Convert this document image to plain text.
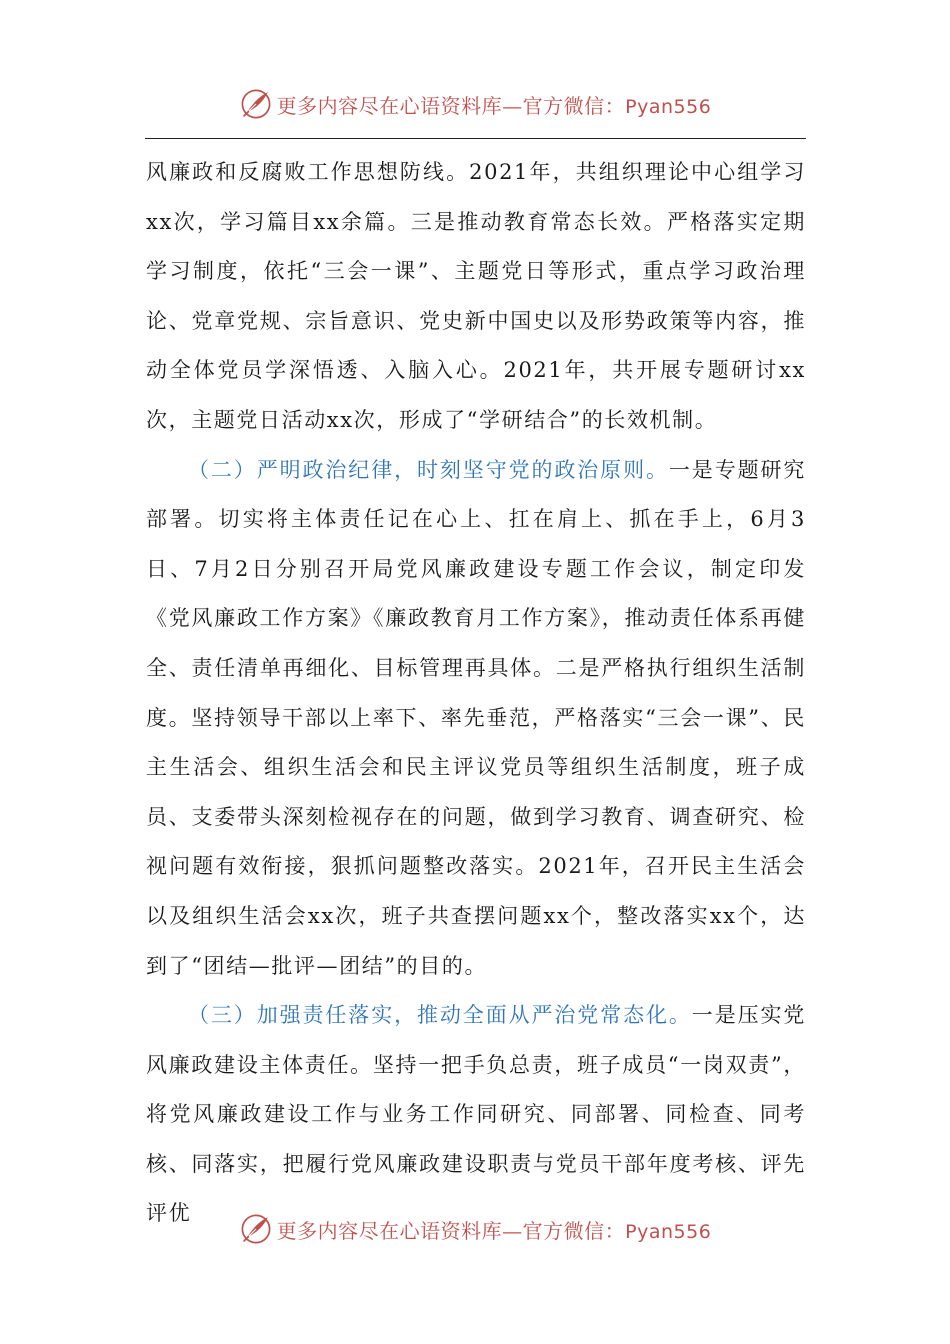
更多内容尽在心语资料库—官方微信：Pyan556

风廉政和反腐败工作思想防线。2021年，共组织理论中心组学习xx次，学习篇目xx余篇。三是推动教育常态长效。严格落实定期学习制度，依托“三会一课”、主题党日等形式，重点学习政治理论、党章党规、宗旨意识、党史新中国史以及形势政策等内容，推动全体党员学深悟透、入脑入心。2021年，共开展专题研讨xx次，主题党日活动xx次，形成了“学研结合”的长效机制。

（二）严明政治纪律，时刻坚守党的政治原则。一是专题研究部署。切实将主体责任记在心上、扛在肩上、抓在手上，6月3日、7月2日分别召开局党风廉政建设专题工作会议，制定印发《党风廉政工作方案》《廉政教育月工作方案》，推动责任体系再健全、责任清单再细化、目标管理再具体。二是严格执行组织生活制度。坚持领导干部以上率下、率先垂范，严格落实“三会一课”、民主生活会、组织生活会和民主评议党员等组织生活制度，班子成员、支委带头深刻检视存在的问题，做到学习教育、调查研究、检视问题有效衔接，狠抓问题整改落实。2021年，召开民主生活会以及组织生活会xx次，班子共查摆问题xx个，整改落实xx个，达到了“团结—批评—团结”的目的。

（三）加强责任落实，推动全面从严治党常态化。一是压实党风廉政建设主体责任。坚持一把手负总责，班子成员“一岗双责”，将党风廉政建设工作与业务工作同研究、同部署、同检查、同考核、同落实，把履行党风廉政建设职责与党员干部年度考核、评先评优

更多内容尽在心语资料库—官方微信：Pyan556
